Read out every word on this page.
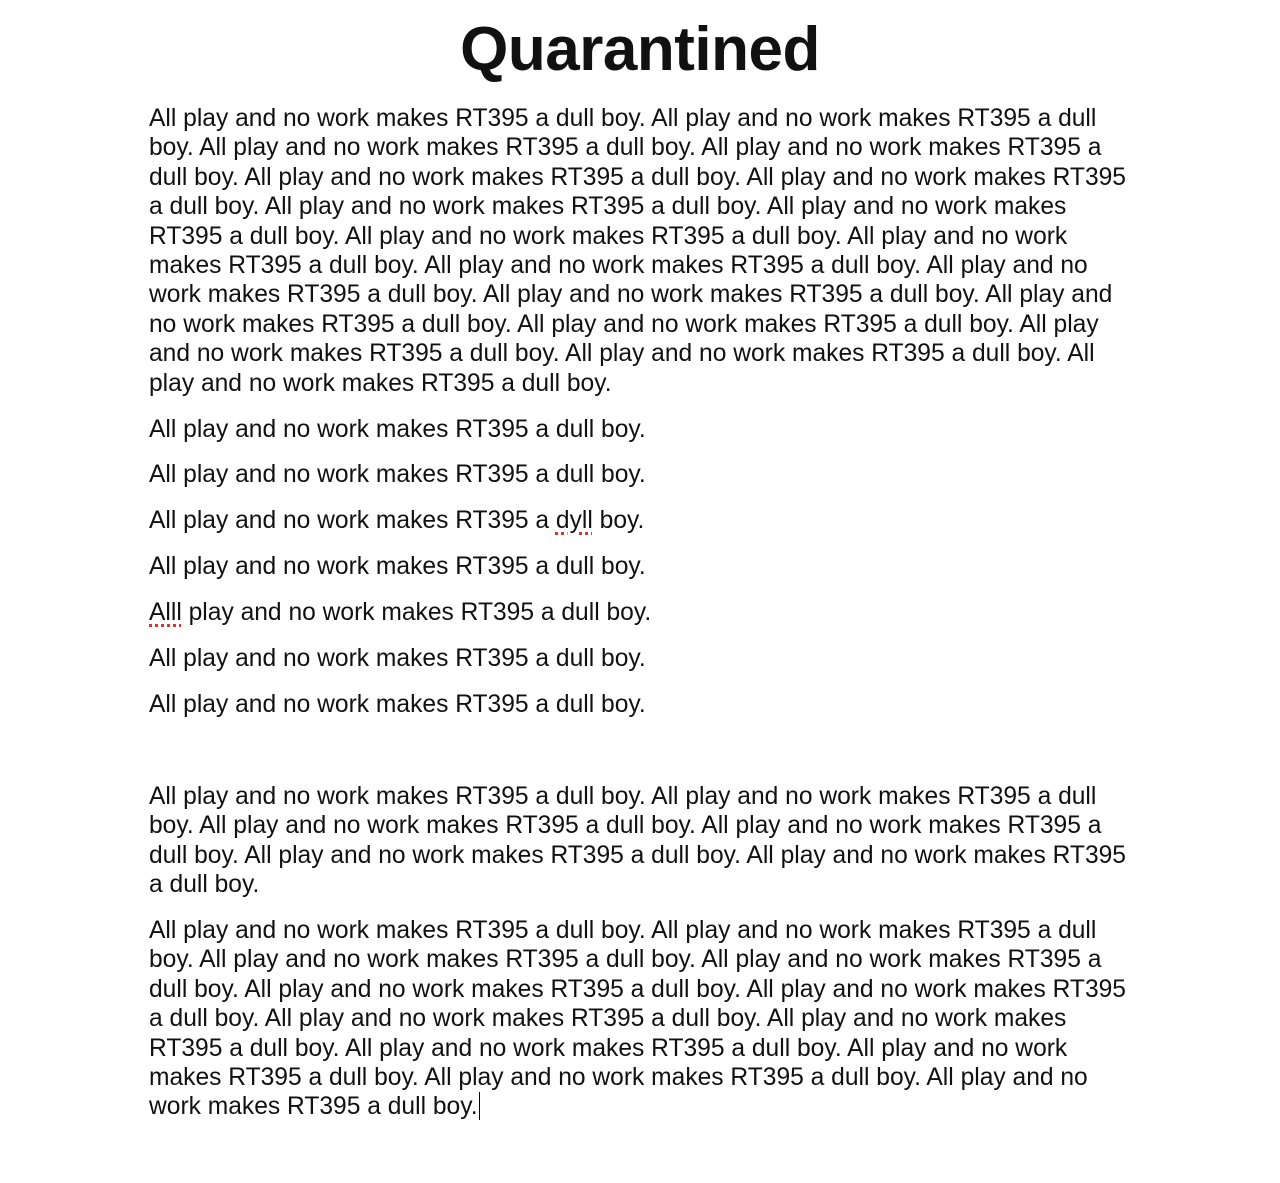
Quarantined

All play and no work makes RT395 a dull boy. All play and no work makes RT395 a dull boy. All play and no work makes RT395 a dull boy. All play and no work makes RT395 a dull boy. All play and no work makes RT395 a dull boy. All play and no work makes RT395 a dull boy. All play and no work makes RT395 a dull boy. All play and no work makes RT395 a dull boy. All play and no work makes RT395 a dull boy. All play and no work makes RT395 a dull boy. All play and no work makes RT395 a dull boy. All play and no work makes RT395 a dull boy. All play and no work makes RT395 a dull boy. All play and no work makes RT395 a dull boy. All play and no work makes RT395 a dull boy. All play and no work makes RT395 a dull boy. All play and no work makes RT395 a dull boy. All play and no work makes RT395 a dull boy.

All play and no work makes RT395 a dull boy.

All play and no work makes RT395 a dull boy.

All play and no work makes RT395 a dyll boy.

All play and no work makes RT395 a dull boy.

Alll play and no work makes RT395 a dull boy.

All play and no work makes RT395 a dull boy.

All play and no work makes RT395 a dull boy.

All play and no work makes RT395 a dull boy. All play and no work makes RT395 a dull boy. All play and no work makes RT395 a dull boy. All play and no work makes RT395 a dull boy. All play and no work makes RT395 a dull boy. All play and no work makes RT395 a dull boy.

All play and no work makes RT395 a dull boy. All play and no work makes RT395 a dull boy. All play and no work makes RT395 a dull boy. All play and no work makes RT395 a dull boy. All play and no work makes RT395 a dull boy. All play and no work makes RT395 a dull boy. All play and no work makes RT395 a dull boy. All play and no work makes RT395 a dull boy. All play and no work makes RT395 a dull boy. All play and no work makes RT395 a dull boy. All play and no work makes RT395 a dull boy. All play and no work makes RT395 a dull boy.
